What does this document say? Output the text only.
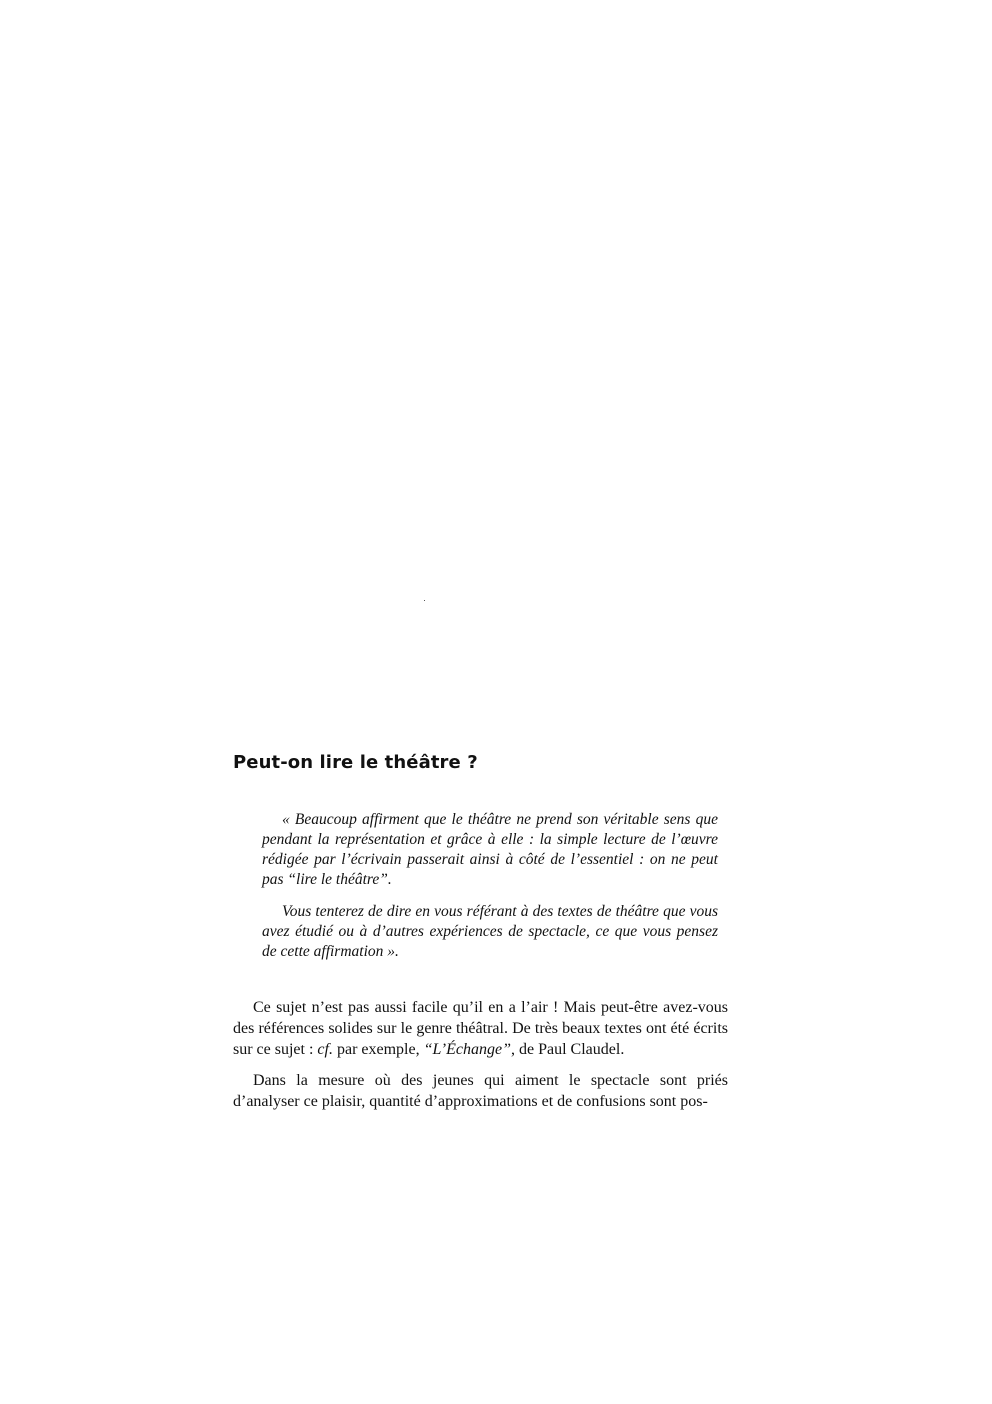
Peut-on lire le théâtre ?

« Beaucoup affirment que le théâtre ne prend son véritable sens que pendant la représentation et grâce à elle : la simple lecture de l’œuvre rédigée par l’écrivain passerait ainsi à côté de l’essentiel : on ne peut pas “lire le théâtre”.

Vous tenterez de dire en vous référant à des textes de théâtre que vous avez étudié ou à d’autres expériences de spectacle, ce que vous pensez de cette affirmation ».

Ce sujet n’est pas aussi facile qu’il en a l’air ! Mais peut-être avez-vous des références solides sur le genre théâtral. De très beaux textes ont été écrits sur ce sujet : cf. par exemple, “L’Échange”, de Paul Claudel.

Dans la mesure où des jeunes qui aiment le spectacle sont priés d’analyser ce plaisir, quantité d’approximations et de confusions sont pos-
